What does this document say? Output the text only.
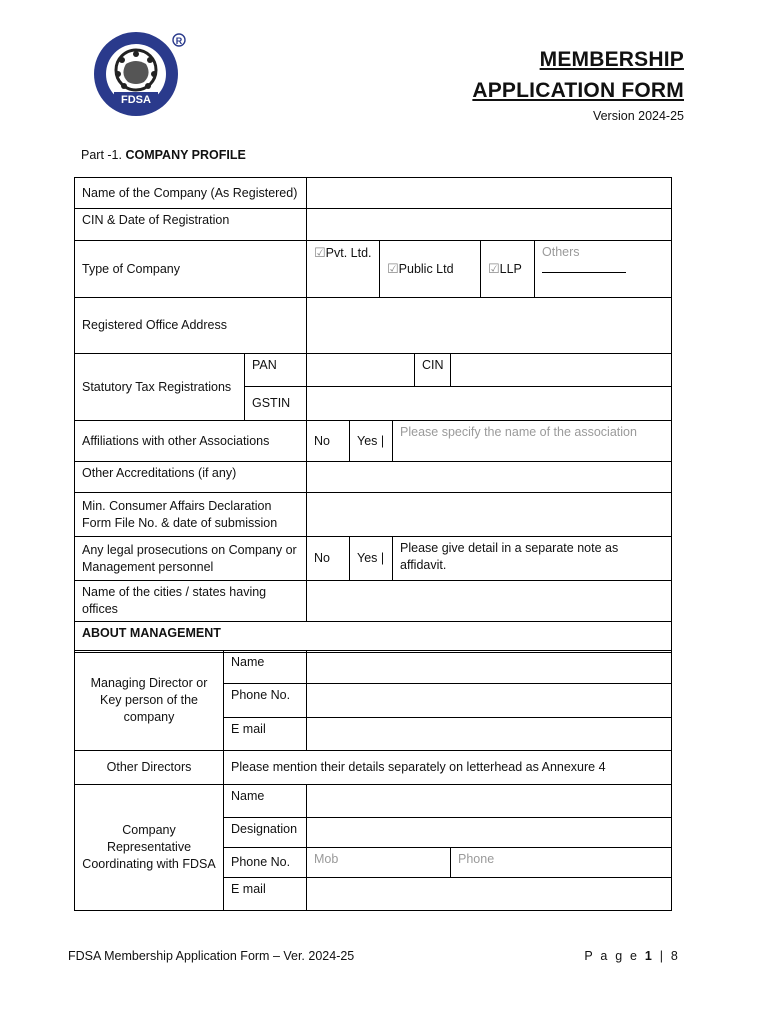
FDSA
R
MEMBERSHIP
APPLICATION FORM
Version 2024-25
Part -1. COMPANY PROFILE
Name of the Company (As Registered)				
CIN & Date of Registration				
Type of Company	☑Pvt. Ltd.	☑Public Ltd	☑LLP	Others

Registered Office Address				
Statutory Tax Registrations	PAN		CIN	
	GSTIN			
Affiliations with other Associations	No	Yes |	Please specify the name of the association
Other Accreditations (if any)			
Min. Consumer Affairs Declaration Form File No. & date of submission			
Any legal prosecutions on Company or Management personnel	No	Yes |	Please give detail in a separate note as affidavit.
Name of the cities / states having offices			
ABOUT MANAGEMENT			
Managing Director or Key person of the company	Name		
	Phone No.		
	E mail		
Other Directors	Please mention their details separately on letterhead as Annexure 4		
Company Representative Coordinating with FDSA	Name		
	Designation		
	Phone No.	Mob	Phone
	E mail		
FDSA Membership Application Form – Ver. 2024-25	P a g e 1 | 8
